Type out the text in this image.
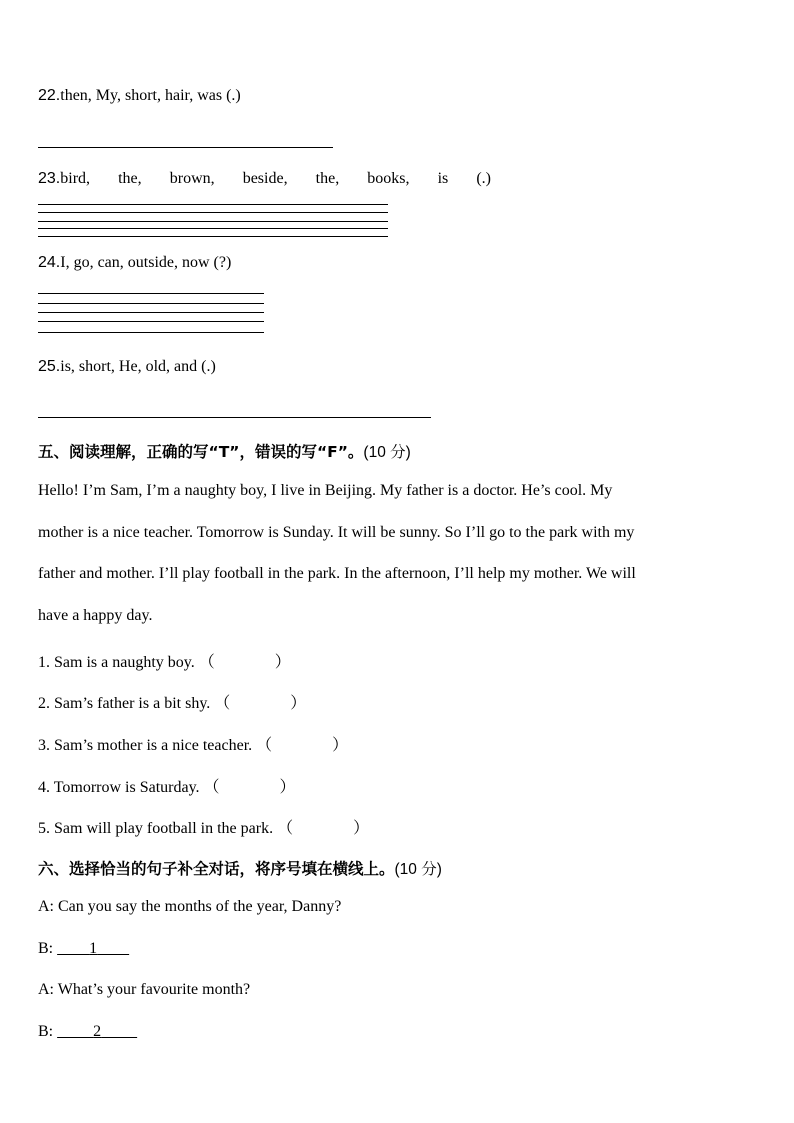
22.then, My, short, hair, was (.)
23.bird, the, brown, beside, the, books, is (.)
24.I, go, can, outside, now (?)
25.is, short, He, old, and (.)
五、阅读理解，正确的写“T”，错误的写“F”。(10 分)
Hello! I’m Sam, I’m a naughty boy, I live in Beijing. My father is a doctor. He’s cool. My
mother is a nice teacher. Tomorrow is Sunday. It will be sunny. So I’ll go to the park with my
father and mother. I’ll play football in the park. In the afternoon, I’ll help my mother. We will
have a happy day.
1. Sam is a naughty boy. （	）
2. Sam’s father is a bit shy. （	）
3. Sam’s mother is a nice teacher. （	）
4. Tomorrow is Saturday. （	）
5. Sam will play football in the park. （	）
六、选择恰当的句子补全对话，将序号填在横线上。(10 分)
A: Can you say the months of the year, Danny?
B: 1
A: What’s your favourite month?
B:	2
